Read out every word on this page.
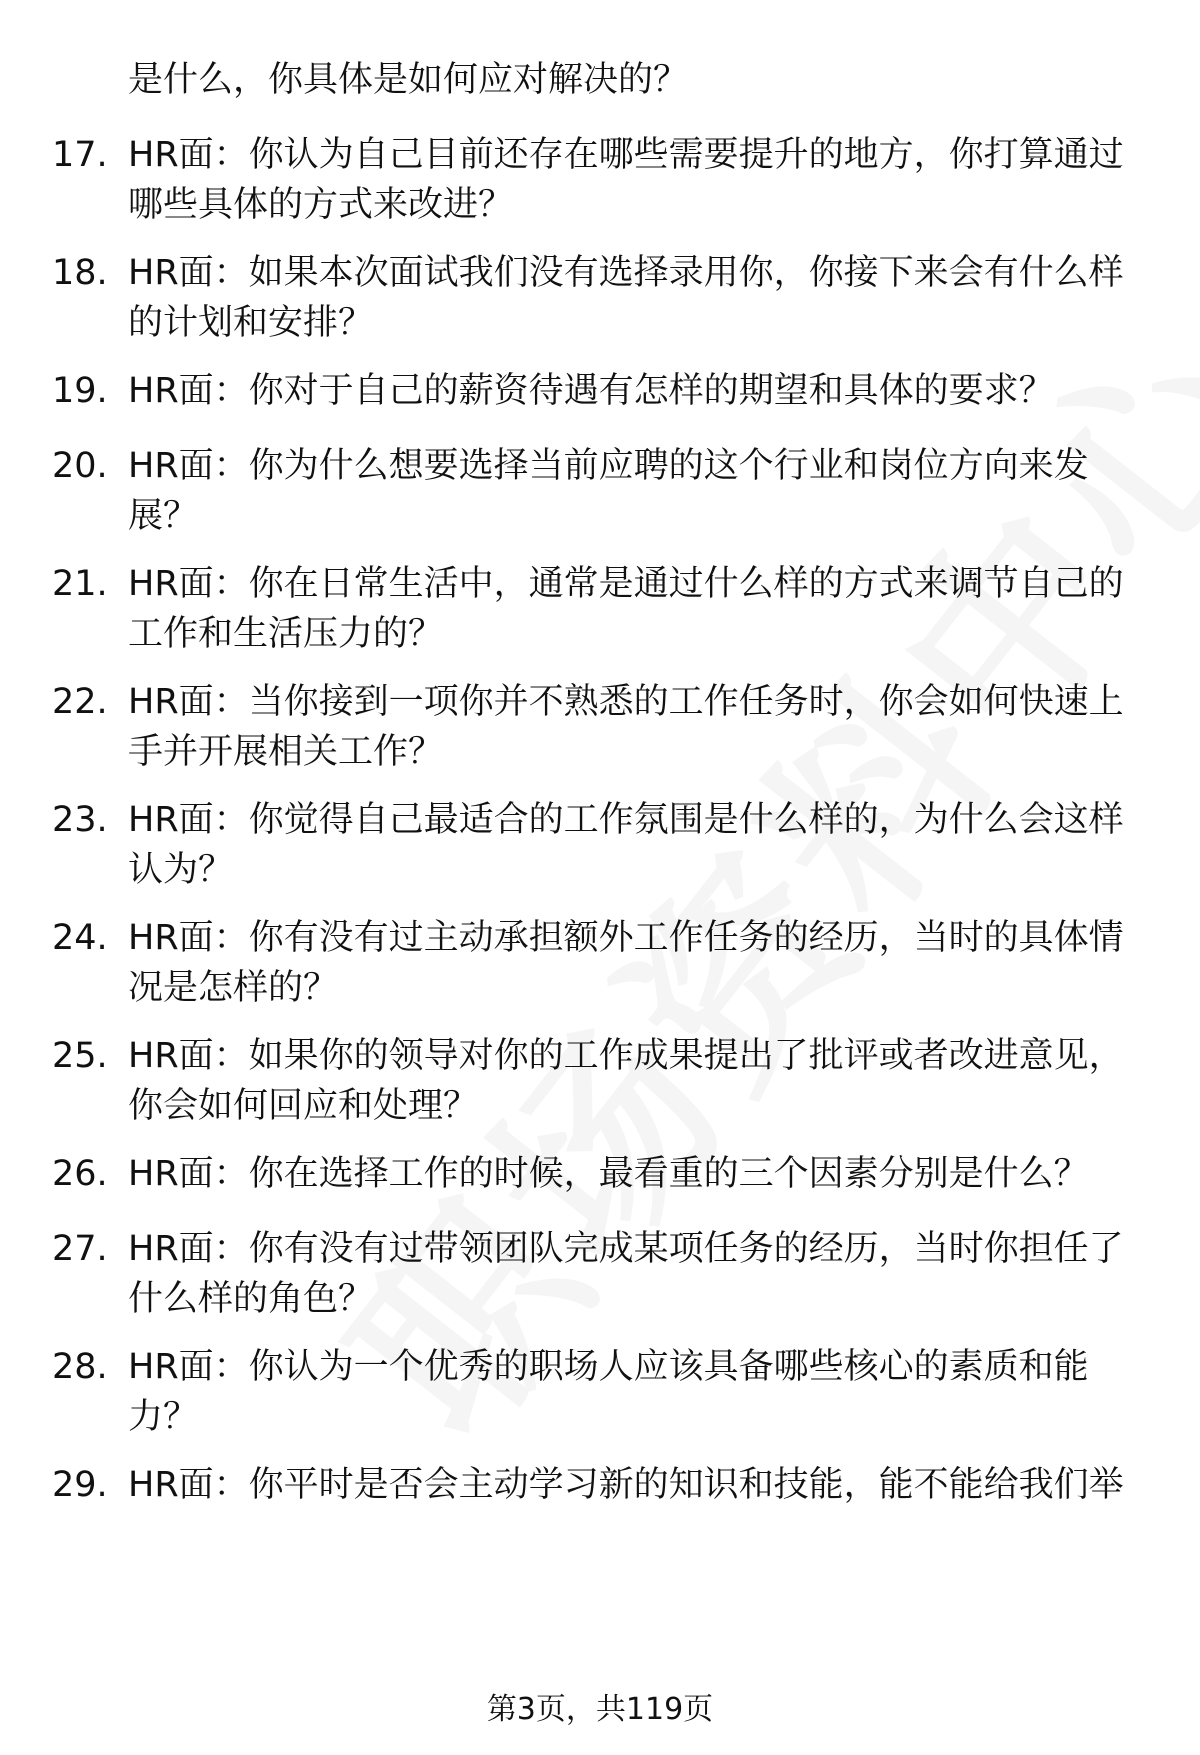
是什么，你具体是如何应对解决的？
17. HR面：你认为自己目前还存在哪些需要提升的地方，你打算通过
哪些具体的方式来改进？
18. HR面：如果本次面试我们没有选择录用你，你接下来会有什么样
的计划和安排？
19. HR面：你对于自己的薪资待遇有怎样的期望和具体的要求？
20. HR面：你为什么想要选择当前应聘的这个行业和岗位方向来发
展？
21. HR面：你在日常生活中，通常是通过什么样的方式来调节自己的
工作和生活压力的？
22. HR面：当你接到一项你并不熟悉的工作任务时，你会如何快速上
手并开展相关工作？
23. HR面：你觉得自己最适合的工作氛围是什么样的，为什么会这样
认为？
24. HR面：你有没有过主动承担额外工作任务的经历，当时的具体情
况是怎样的？
25. HR面：如果你的领导对你的工作成果提出了批评或者改进意见，
你会如何回应和处理？
26. HR面：你在选择工作的时候，最看重的三个因素分别是什么？
27. HR面：你有没有过带领团队完成某项任务的经历，当时你担任了
什么样的角色？
28. HR面：你认为一个优秀的职场人应该具备哪些核心的素质和能
力？
29. HR面：你平时是否会主动学习新的知识和技能，能不能给我们举
第3页，共119页
